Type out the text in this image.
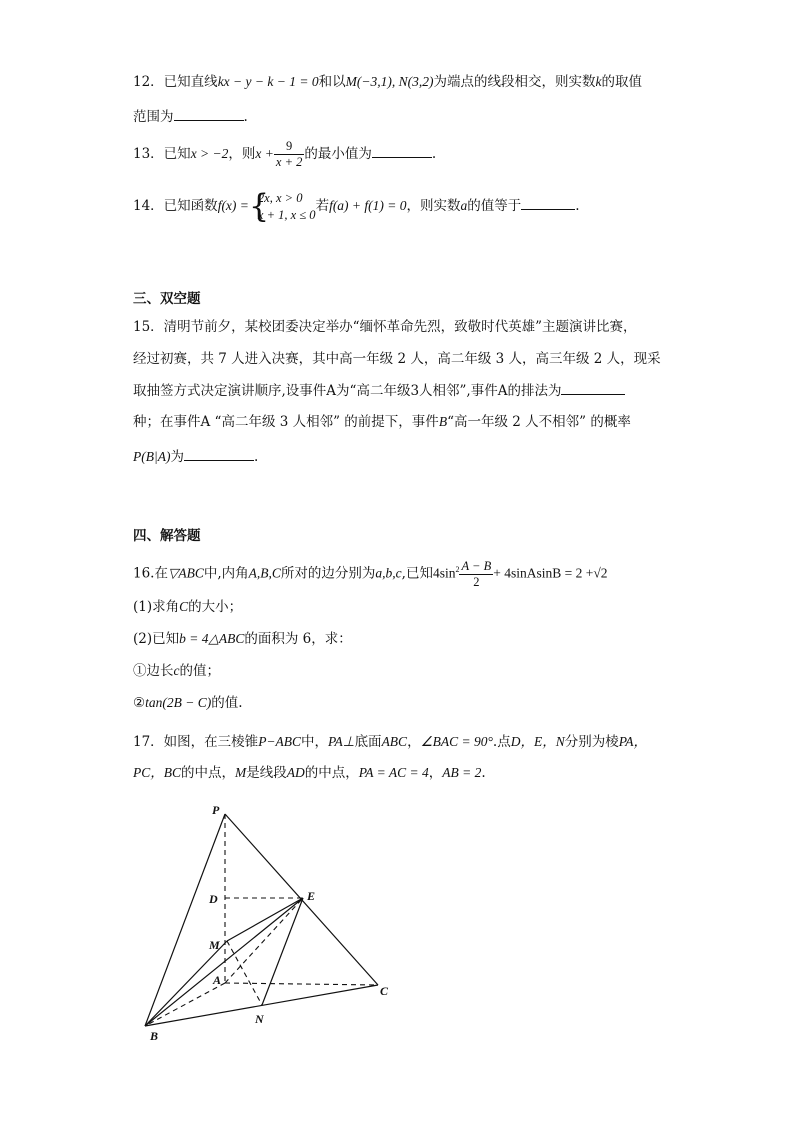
12．已知直线kx − y − k − 1 = 0和以M(−3,1), N(3,2)为端点的线段相交，则实数k的取值
范围为	.
13．已知x > −2，则$x + \frac{9}{x + 2}$ 的最小值为	.
14．已知函数f(x) = {
2x, x > 0
x + 1, x ≤ 0
若f(a) + f(1) = 0，则实数a的值等于	.
三、双空题
15．清明节前夕，某校团委决定举办“缅怀革命先烈，致敬时代英雄”主题演讲比赛，
经过初赛，共 7 人进入决赛，其中高一年级 2 人，高二年级 3 人，高三年级 2 人，现采
取抽签方式决定演讲顺序,设事件A为“高二年级3人相邻”,事件A的排法为
种；在事件A “高二年级 3 人相邻” 的前提下，事件B“高一年级 2 人不相邻” 的概率
P(B|A)为	.
四、解答题
16.在▽ABC中,内角A,B,C所对的边分别为a,b,c,已知$4\sin^2 \frac{A - B}{2}$ + 4sinAsinB = 2 +√2
(1)求角C的大小；
(2)已知b = 4△ABC的面积为 6，求：
①边长c的值；
②tan(2B − C)的值.
17．如图，在三棱锥P−ABC中，PA⊥底面ABC，∠BAC = 90°.点D，E，N分别为棱PA，
PC，BC的中点，M是线段AD的中点，PA = AC = 4，AB = 2.
P
D
M
A
E
C
N
B
